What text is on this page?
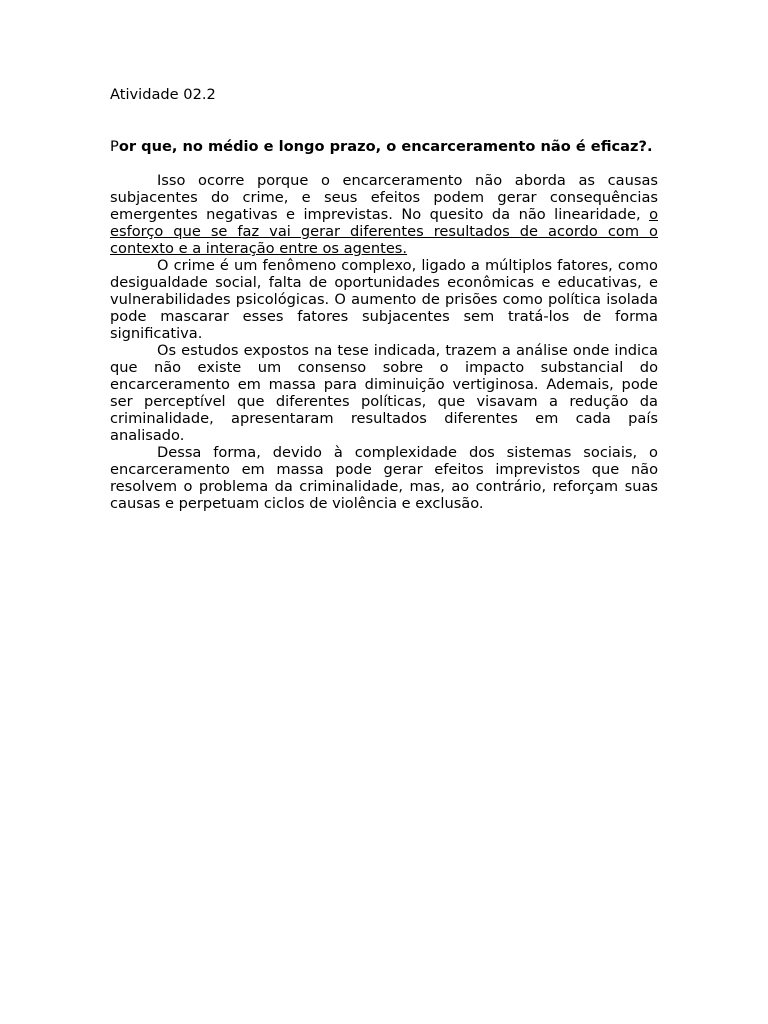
Atividade 02.2
Por que, no médio e longo prazo, o encarceramento não é eficaz?.

Isso ocorre porque o encarceramento não aborda as causas subjacentes do crime, e seus efeitos podem gerar consequências emergentes negativas e imprevistas. No quesito da não linearidade, o esforço que se faz vai gerar diferentes resultados de acordo com o contexto e a interação entre os agentes.

O crime é um fenômeno complexo, ligado a múltiplos fatores, como desigualdade social, falta de oportunidades econômicas e educativas, e vulnerabilidades psicológicas. O aumento de prisões como política isolada pode mascarar esses fatores subjacentes sem tratá-los de forma significativa.

Os estudos expostos na tese indicada, trazem a análise onde indica que não existe um consenso sobre o impacto substancial do encarceramento em massa para diminuição vertiginosa. Ademais, pode ser perceptível que diferentes políticas, que visavam a redução da criminalidade, apresentaram resultados diferentes em cada país analisado.

Dessa forma, devido à complexidade dos sistemas sociais, o encarceramento em massa pode gerar efeitos imprevistos que não resolvem o problema da criminalidade, mas, ao contrário, reforçam suas causas e perpetuam ciclos de violência e exclusão.
